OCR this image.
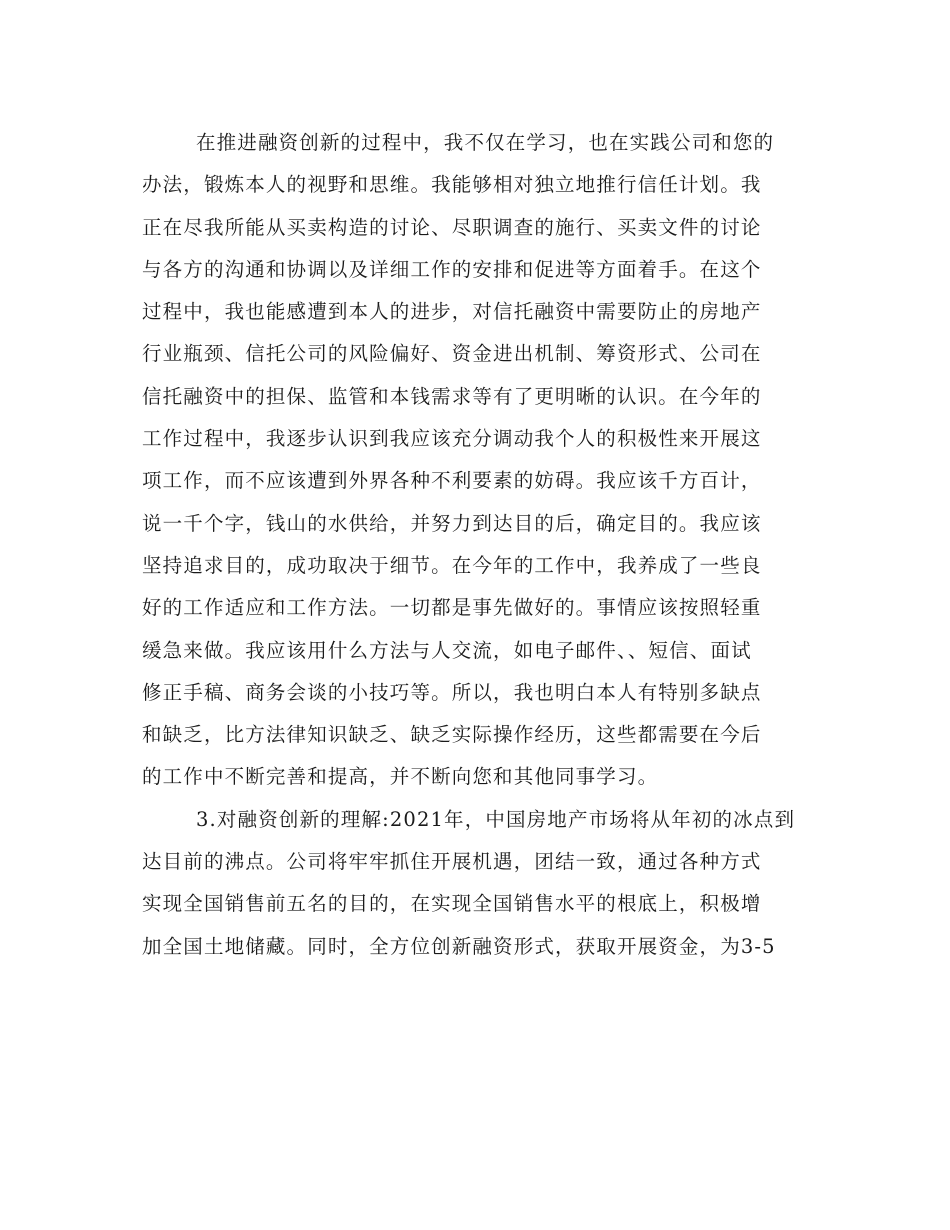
在推进融资创新的过程中，我不仅在学习，也在实践公司和您的
办法，锻炼本人的视野和思维。我能够相对独立地推行信任计划。我
正在尽我所能从买卖构造的讨论、尽职调查的施行、买卖文件的讨论
与各方的沟通和协调以及详细工作的安排和促进等方面着手。在这个
过程中，我也能感遭到本人的进步，对信托融资中需要防止的房地产
行业瓶颈、信托公司的风险偏好、资金进出机制、筹资形式、公司在
信托融资中的担保、监管和本钱需求等有了更明晰的认识。在今年的
工作过程中，我逐步认识到我应该充分调动我个人的积极性来开展这
项工作，而不应该遭到外界各种不利要素的妨碍。我应该千方百计，
说一千个字，钱山的水供给，并努力到达目的后，确定目的。我应该
坚持追求目的，成功取决于细节。在今年的工作中，我养成了一些良
好的工作适应和工作方法。一切都是事先做好的。事情应该按照轻重
缓急来做。我应该用什么方法与人交流，如电子邮件、、短信、面试
修正手稿、商务会谈的小技巧等。所以，我也明白本人有特别多缺点
和缺乏，比方法律知识缺乏、缺乏实际操作经历，这些都需要在今后
的工作中不断完善和提高，并不断向您和其他同事学习。
3.对融资创新的理解:2021年，中国房地产市场将从年初的冰点到
达目前的沸点。公司将牢牢抓住开展机遇，团结一致，通过各种方式
实现全国销售前五名的目的，在实现全国销售水平的根底上，积极增
加全国土地储藏。同时，全方位创新融资形式，获取开展资金，为3-5
